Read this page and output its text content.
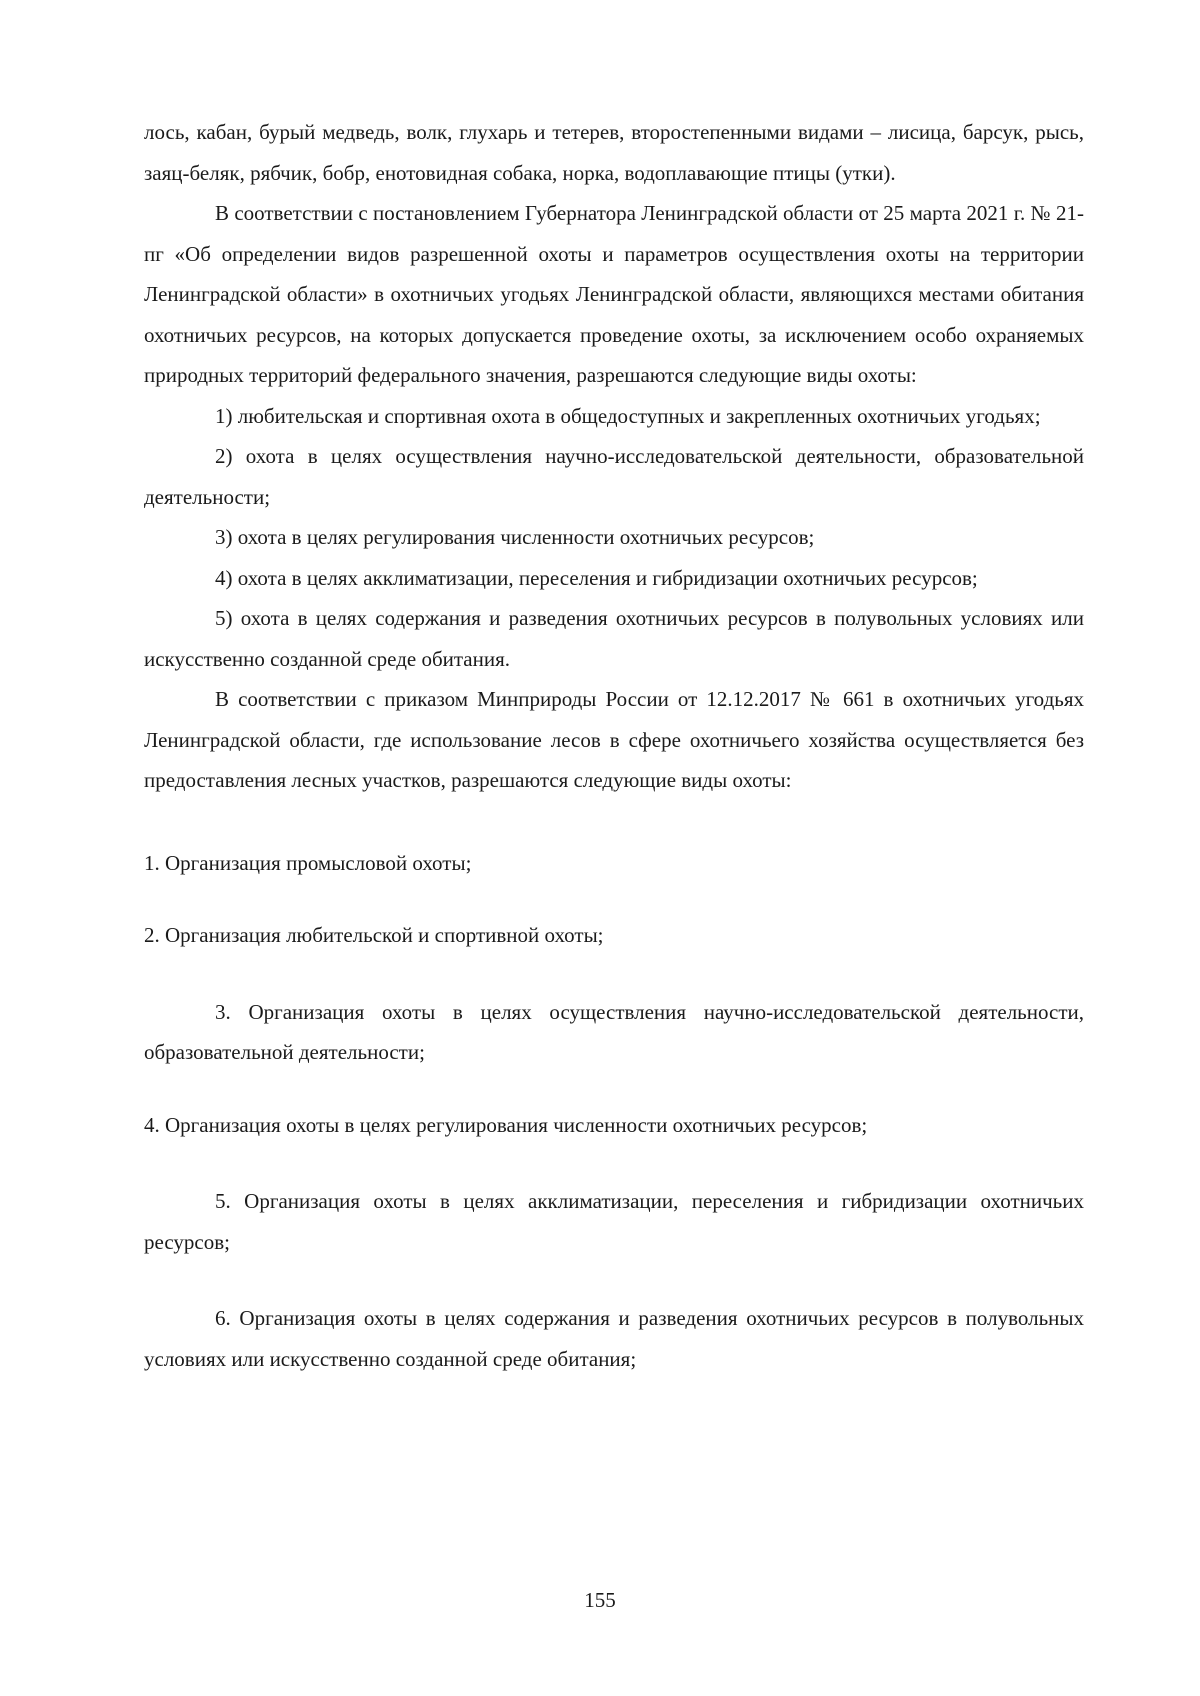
лось, кабан, бурый медведь, волк, глухарь и тетерев, второстепенными видами – лисица, барсук, рысь, заяц-беляк, рябчик, бобр, енотовидная собака, норка, водоплавающие птицы (утки).

В соответствии с постановлением Губернатора Ленинградской области от 25 марта 2021 г. № 21-пг «Об определении видов разрешенной охоты и параметров осуществления охоты на территории Ленинградской области» в охотничьих угодьях Ленинградской области, являющихся местами обитания охотничьих ресурсов, на которых допускается проведение охоты, за исключением особо охраняемых природных территорий федерального значения, разрешаются следующие виды охоты:

1) любительская и спортивная охота в общедоступных и закрепленных охотничьих угодьях;

2) охота в целях осуществления научно-исследовательской деятельности, образовательной деятельности;

3) охота в целях регулирования численности охотничьих ресурсов;

4) охота в целях акклиматизации, переселения и гибридизации охотничьих ресурсов;

5) охота в целях содержания и разведения охотничьих ресурсов в полувольных условиях или искусственно созданной среде обитания.

В соответствии с приказом Минприроды России от 12.12.2017 № 661 в охотничьих угодьях Ленинградской области, где использование лесов в сфере охотничьего хозяйства осуществляется без предоставления лесных участков, разрешаются следующие виды охоты:

1. Организация промысловой охоты;

2. Организация любительской и спортивной охоты;

3. Организация охоты в целях осуществления научно-исследовательской деятельности, образовательной деятельности;

4. Организация охоты в целях регулирования численности охотничьих ресурсов;

5. Организация охоты в целях акклиматизации, переселения и гибридизации охотничьих ресурсов;

6. Организация охоты в целях содержания и разведения охотничьих ресурсов в полувольных условиях или искусственно созданной среде обитания;

155
